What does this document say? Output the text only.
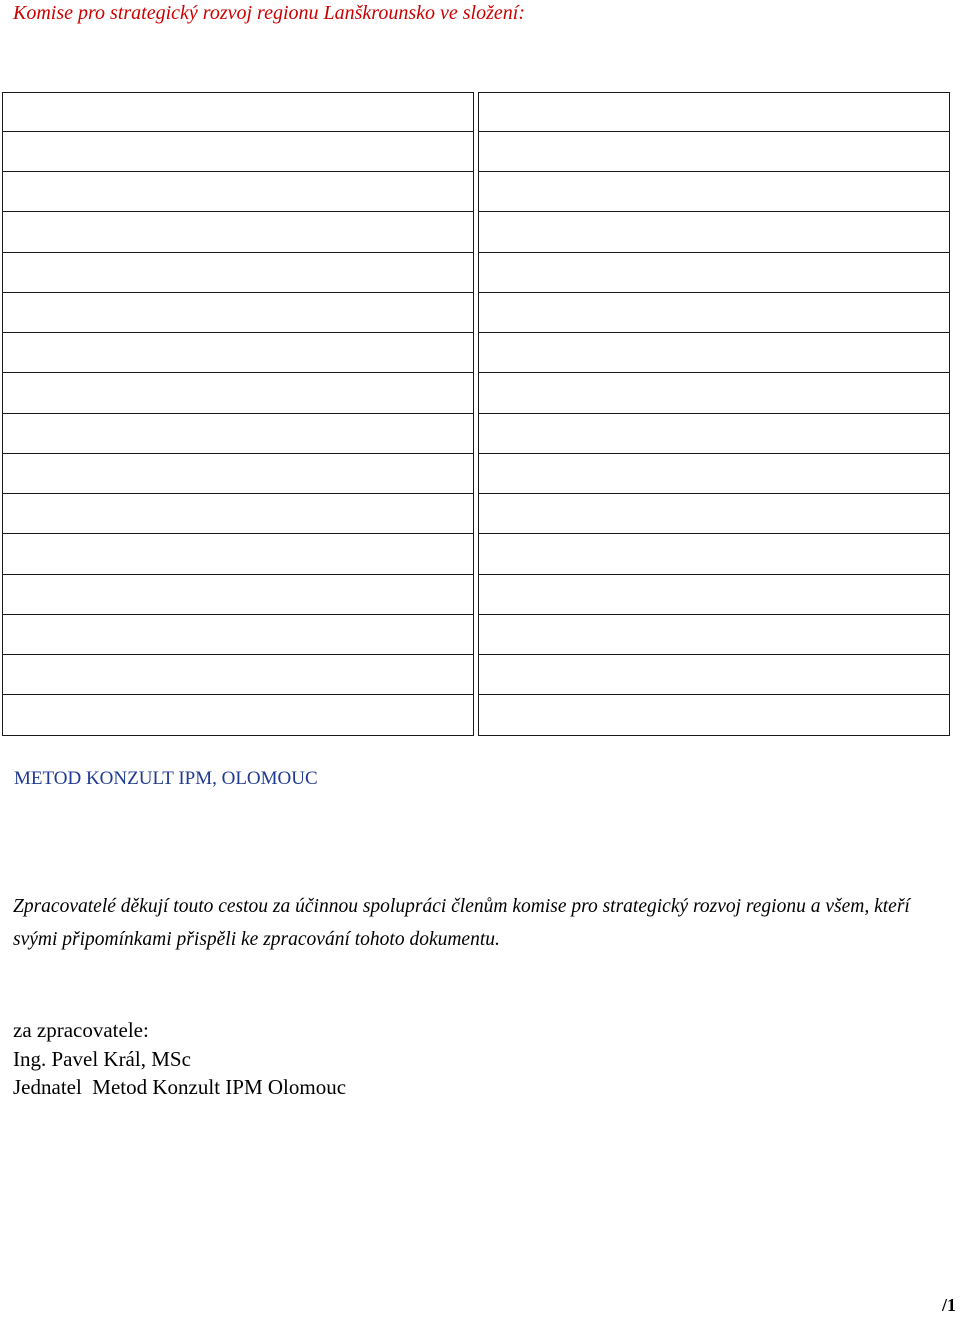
Komise pro strategický rozvoj regionu Lanškrounsko ve složení:
METOD KONZULT IPM, OLOMOUC

Zpracovatelé děkují touto cestou za účinnou spolupráci členům komise pro strategický rozvoj regionu a všem, kteří svými připomínkami přispěli ke zpracování tohoto dokumentu.

za zpracovatele:
Ing. Pavel Král, MSc
Jednatel  Metod Konzult IPM Olomouc
/1
